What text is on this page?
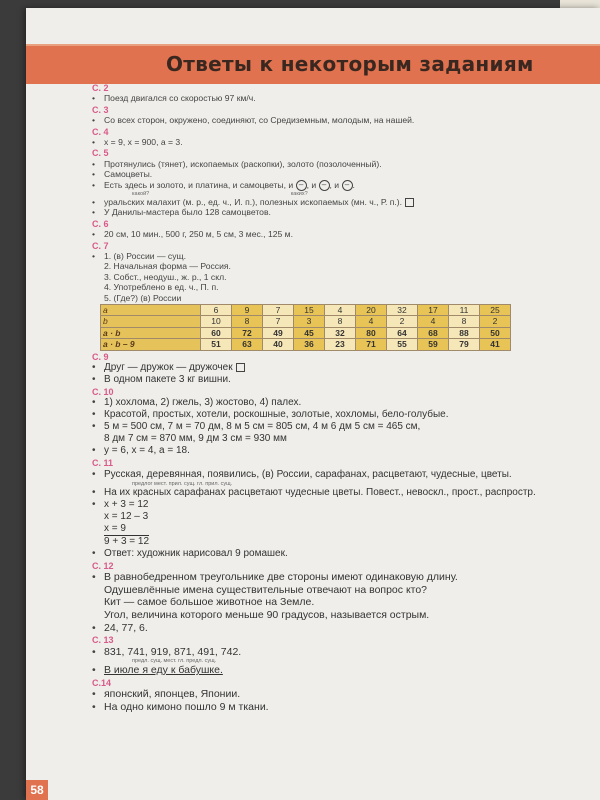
Ответы к некоторым заданиям
С. 2
• Поезд двигался со скоростью 97 км/ч.
С. 3
• Со всех сторон, окружено, соединяют, со Средиземным, молодым, на нашей.
С. 4
• x = 9, x = 900, a = 3.
С. 5
• Протянулись (тянет), ископаемых (раскопки), золото (позолоченный).
• Самоцветы.
• Есть здесь и золото, и платина, и самоцветы, и – , и – , и – .
какой?	каких?
• уральских малахит (м. р., ед. ч., И. п.), полезных ископаемых (мн. ч., Р. п.).
• У Данилы-мастера было 128 самоцветов.
С. 6
• 20 см, 10 мин., 500 г, 250 м, 5 см, 3 мес., 125 м.
С. 7
• 1. (в) России — сущ.
2. Начальная форма — Россия.
3. Собст., неодуш., ж. р., 1 скл.
4. Употреблено в ед. ч., П. п.
5. (Где?) (в) России
a	6	9	7	15	4	20	32	17	11	25
b	10	8	7	3	8	4	2	4	8	2
a · b	60	72	49	45	32	80	64	68	88	50
a · b – 9	51	63	40	36	23	71	55	59	79	41
С. 9
• Друг — дружок — дружочек
• В одном пакете 3 кг вишни.
С. 10
• 1) хохлома, 2) гжель, 3) жостово, 4) палех.
• Красотой, простых, хотели, роскошные, золотые, хохломы, бело-голубые.
• 5 м = 500 см, 7 м = 70 дм, 8 м 5 см = 805 см, 4 м 6 дм 5 см = 465 см,
8 дм 7 см = 870 мм, 9 дм 3 см = 930 мм
• y = 6, x = 4, a = 18.
С. 11
• Русская, деревянная, появились, (в) России, сарафанах, расцветают, чудесные, цветы.
предлог мест. прил. сущ. гл. прил. сущ.
• На их красных сарафанах расцветают чудесные цветы. Повест., невоскл., прост., распростр.
• x + 3 = 12
x = 12 – 3
x = 9
9 + 3 = 12
• Ответ: художник нарисовал 9 ромашек.
С. 12
• В равнобедренном треугольнике две стороны имеют одинаковую длину.
Одушевлённые имена существительные отвечают на вопрос кто?
Кит — самое большое животное на Земле.
Угол, величина которого меньше 90 градусов, называется острым.
• 24, 77, 6.
С. 13
• 831, 741, 919, 871, 491, 742.
предл. сущ. мест. гл. предл. сущ.
• В июле я еду к бабушке.
С.14
• японский, японцев, Японии.
• На одно кимоно пошло 9 м ткани.
58
